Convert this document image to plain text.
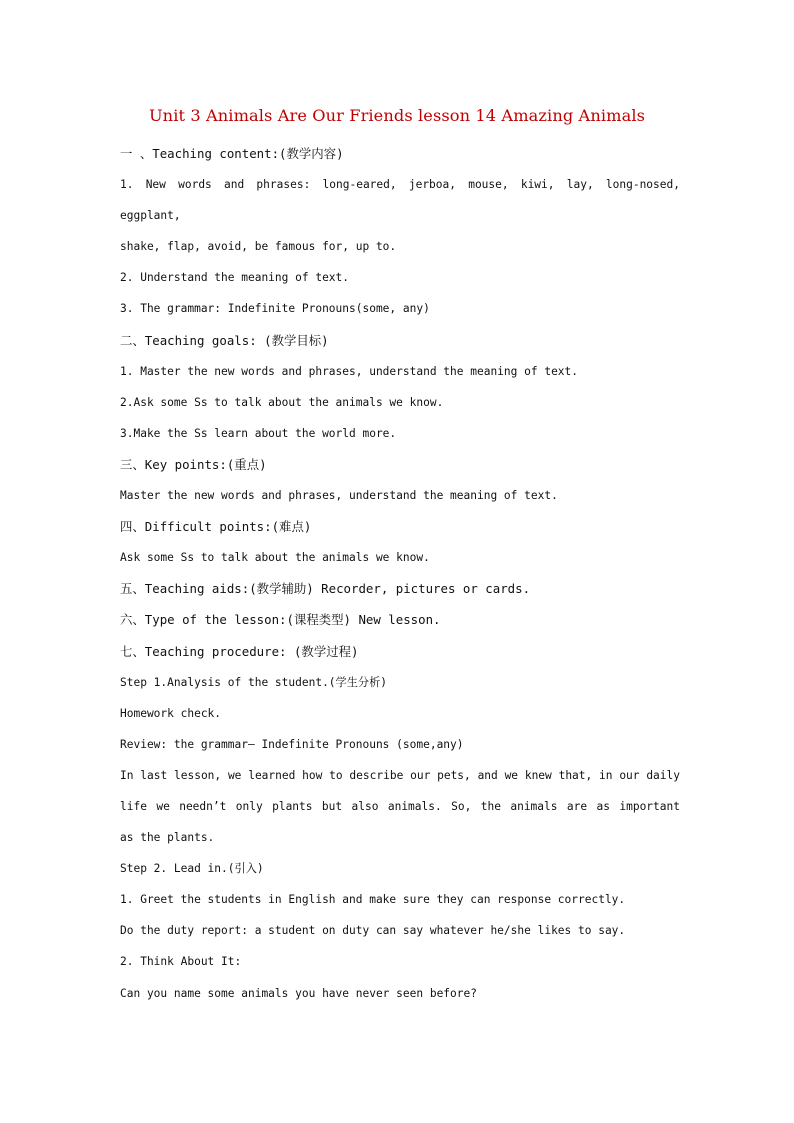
Unit 3 Animals Are Our Friends lesson 14 Amazing Animals
一 、Teaching content:(教学内容)
1. New words and phrases: long-eared, jerboa, mouse, kiwi, lay, long-nosed,
eggplant,
shake, flap, avoid, be famous for, up to.
2. Understand the meaning of text.
3. The grammar: Indefinite Pronouns(some, any)
二、Teaching goals: (教学目标)
1. Master the new words and phrases, understand the meaning of text.
2.Ask some Ss to talk about the animals we know.
3.Make the Ss learn about the world more.
三、Key points:(重点)
Master the new words and phrases, understand the meaning of text.
四、Difficult points:(难点)
Ask some Ss to talk about the animals we know.
五、Teaching aids:(教学辅助) Recorder, pictures or cards.
六、Type of the lesson:(课程类型) New lesson.
七、Teaching procedure: (教学过程)
Step 1.Analysis of the student.(学生分析)
Homework check.
Review: the grammar— Indefinite Pronouns (some,any)
In last lesson, we learned how to describe our pets, and we knew that, in our daily
life we needn’t only plants but also animals. So, the animals are as important
as the plants.
Step 2. Lead in.(引入)
1. Greet the students in English and make sure they can response correctly.
Do the duty report: a student on duty can say whatever he/she likes to say.
2. Think About It:
Can you name some animals you have never seen before?
